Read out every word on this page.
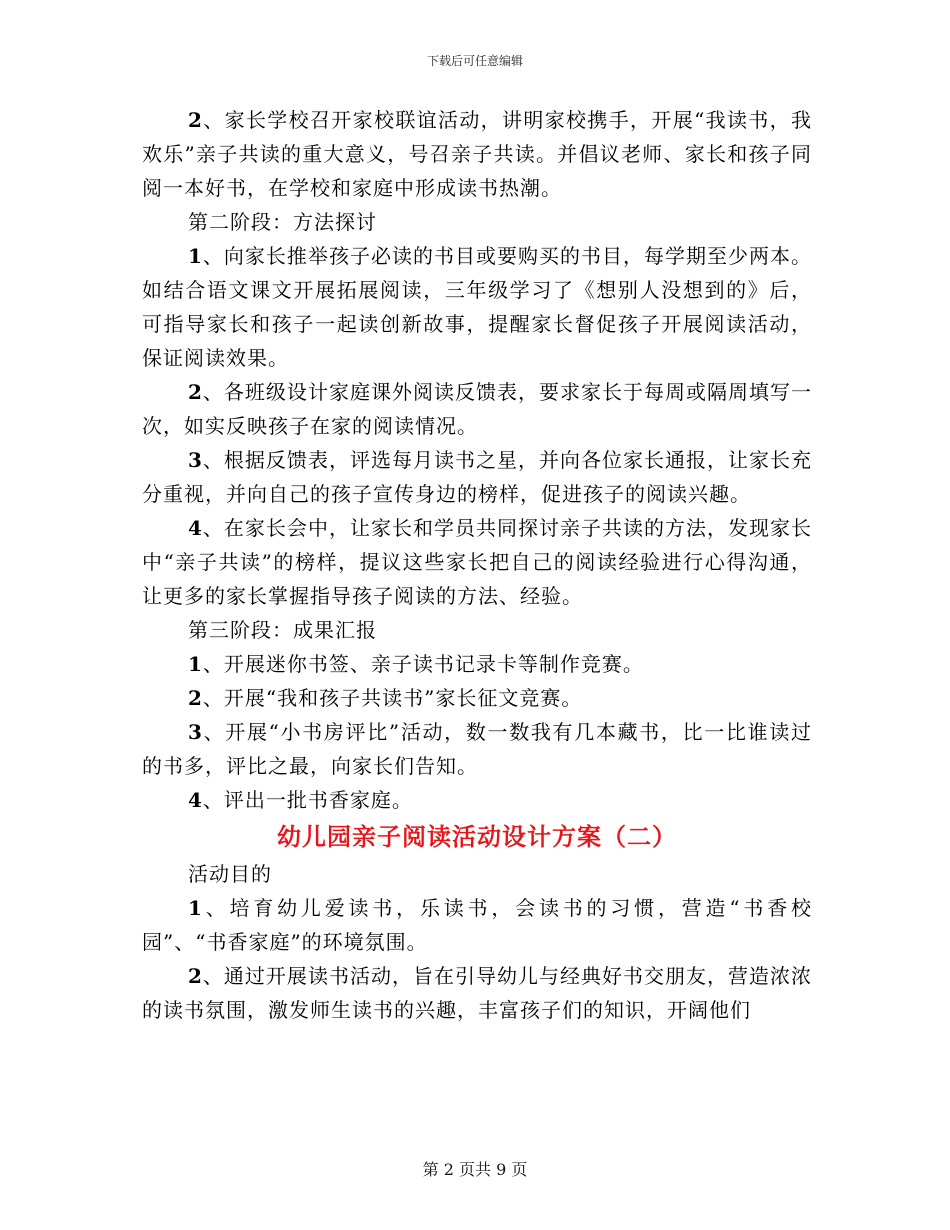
下载后可任意编辑

2、家长学校召开家校联谊活动，讲明家校携手，开展“我读书，我欢乐”亲子共读的重大意义，号召亲子共读。并倡议老师、家长和孩子同阅一本好书，在学校和家庭中形成读书热潮。

第二阶段：方法探讨

1、向家长推举孩子必读的书目或要购买的书目，每学期至少两本。如结合语文课文开展拓展阅读，三年级学习了《想别人没想到的》后，可指导家长和孩子一起读创新故事，提醒家长督促孩子开展阅读活动，保证阅读效果。

2、各班级设计家庭课外阅读反馈表，要求家长于每周或隔周填写一次，如实反映孩子在家的阅读情况。

3、根据反馈表，评选每月读书之星，并向各位家长通报，让家长充分重视，并向自己的孩子宣传身边的榜样，促进孩子的阅读兴趣。

4、在家长会中，让家长和学员共同探讨亲子共读的方法，发现家长中“亲子共读”的榜样，提议这些家长把自己的阅读经验进行心得沟通，让更多的家长掌握指导孩子阅读的方法、经验。

第三阶段：成果汇报

1、开展迷你书签、亲子读书记录卡等制作竞赛。

2、开展“我和孩子共读书”家长征文竞赛。

3、开展“小书房评比”活动，数一数我有几本藏书，比一比谁读过的书多，评比之最，向家长们告知。

4、评出一批书香家庭。

幼儿园亲子阅读活动设计方案（二）

活动目的

1、培育幼儿爱读书，乐读书，会读书的习惯，营造“书香校园”、“书香家庭”的环境氛围。

2、通过开展读书活动，旨在引导幼儿与经典好书交朋友，营造浓浓的读书氛围，激发师生读书的兴趣，丰富孩子们的知识，开阔他们

第 2 页共 9 页
